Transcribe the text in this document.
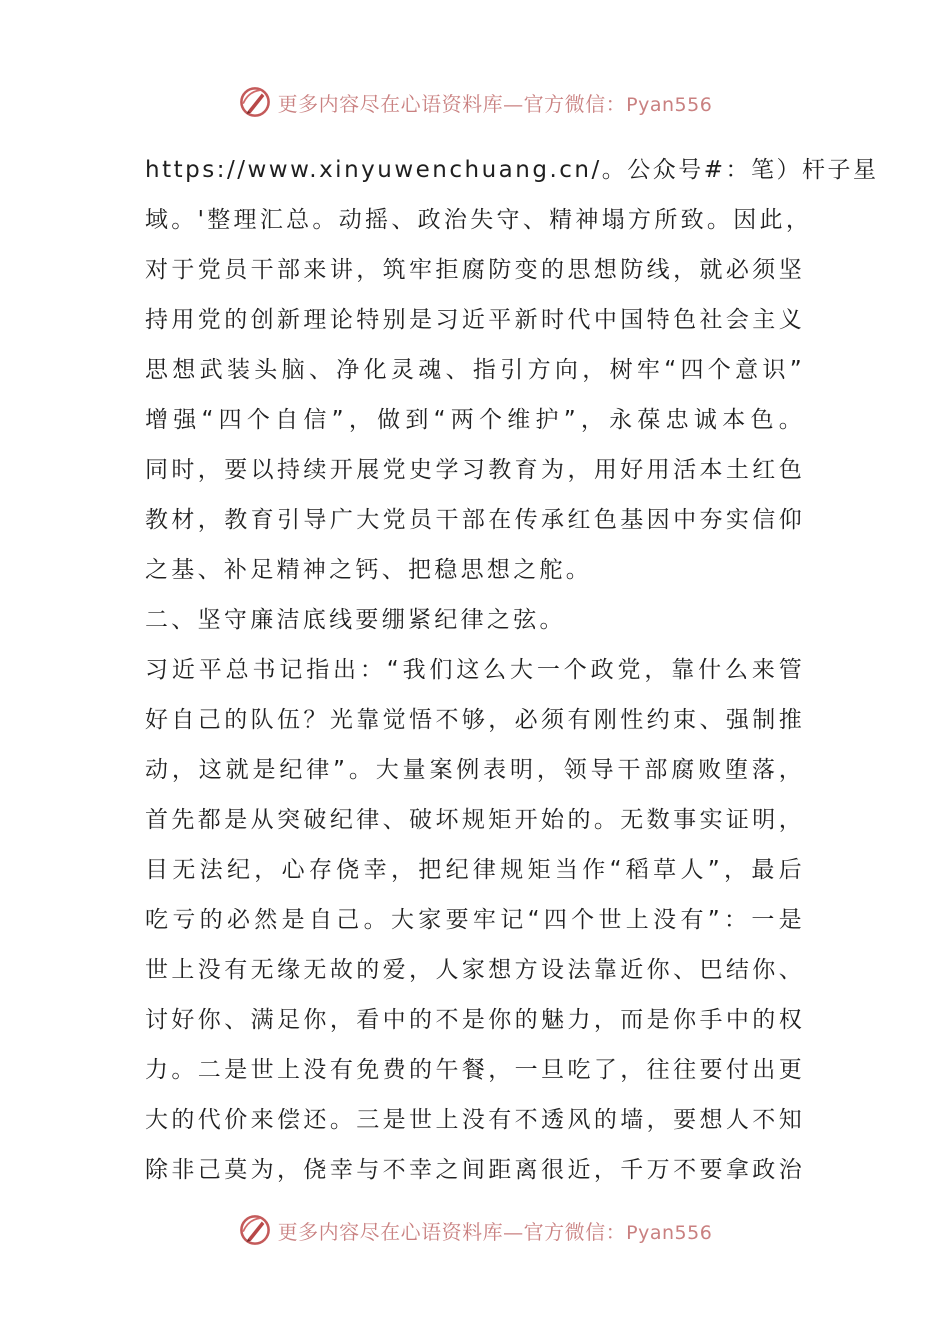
更多内容尽在心语资料库—官方微信：Pyan556
https://www.xinyuwenchuang.cn/。公众号#：笔）杆子星
域。'整理汇总。动摇、政治失守、精神塌方所致。因此，
对于党员干部来讲，筑牢拒腐防变的思想防线，就必须坚
持用党的创新理论特别是习近平新时代中国特色社会主义
思想武装头脑、净化灵魂、指引方向，树牢“四个意识”
增强“四个自信”，做到“两个维护”，永葆忠诚本色。
同时，要以持续开展党史学习教育为，用好用活本土红色
教材，教育引导广大党员干部在传承红色基因中夯实信仰
之基、补足精神之钙、把稳思想之舵。
二、坚守廉洁底线要绷紧纪律之弦。
习近平总书记指出：“我们这么大一个政党，靠什么来管
好自己的队伍？光靠觉悟不够，必须有刚性约束、强制推
动，这就是纪律”。大量案例表明，领导干部腐败堕落，
首先都是从突破纪律、破坏规矩开始的。无数事实证明，
目无法纪，心存侥幸，把纪律规矩当作“稻草人”，最后
吃亏的必然是自己。大家要牢记“四个世上没有”：一是
世上没有无缘无故的爱，人家想方设法靠近你、巴结你、
讨好你、满足你，看中的不是你的魅力，而是你手中的权
力。二是世上没有免费的午餐，一旦吃了，往往要付出更
大的代价来偿还。三是世上没有不透风的墙，要想人不知
除非己莫为，侥幸与不幸之间距离很近，千万不要拿政治
更多内容尽在心语资料库—官方微信：Pyan556
